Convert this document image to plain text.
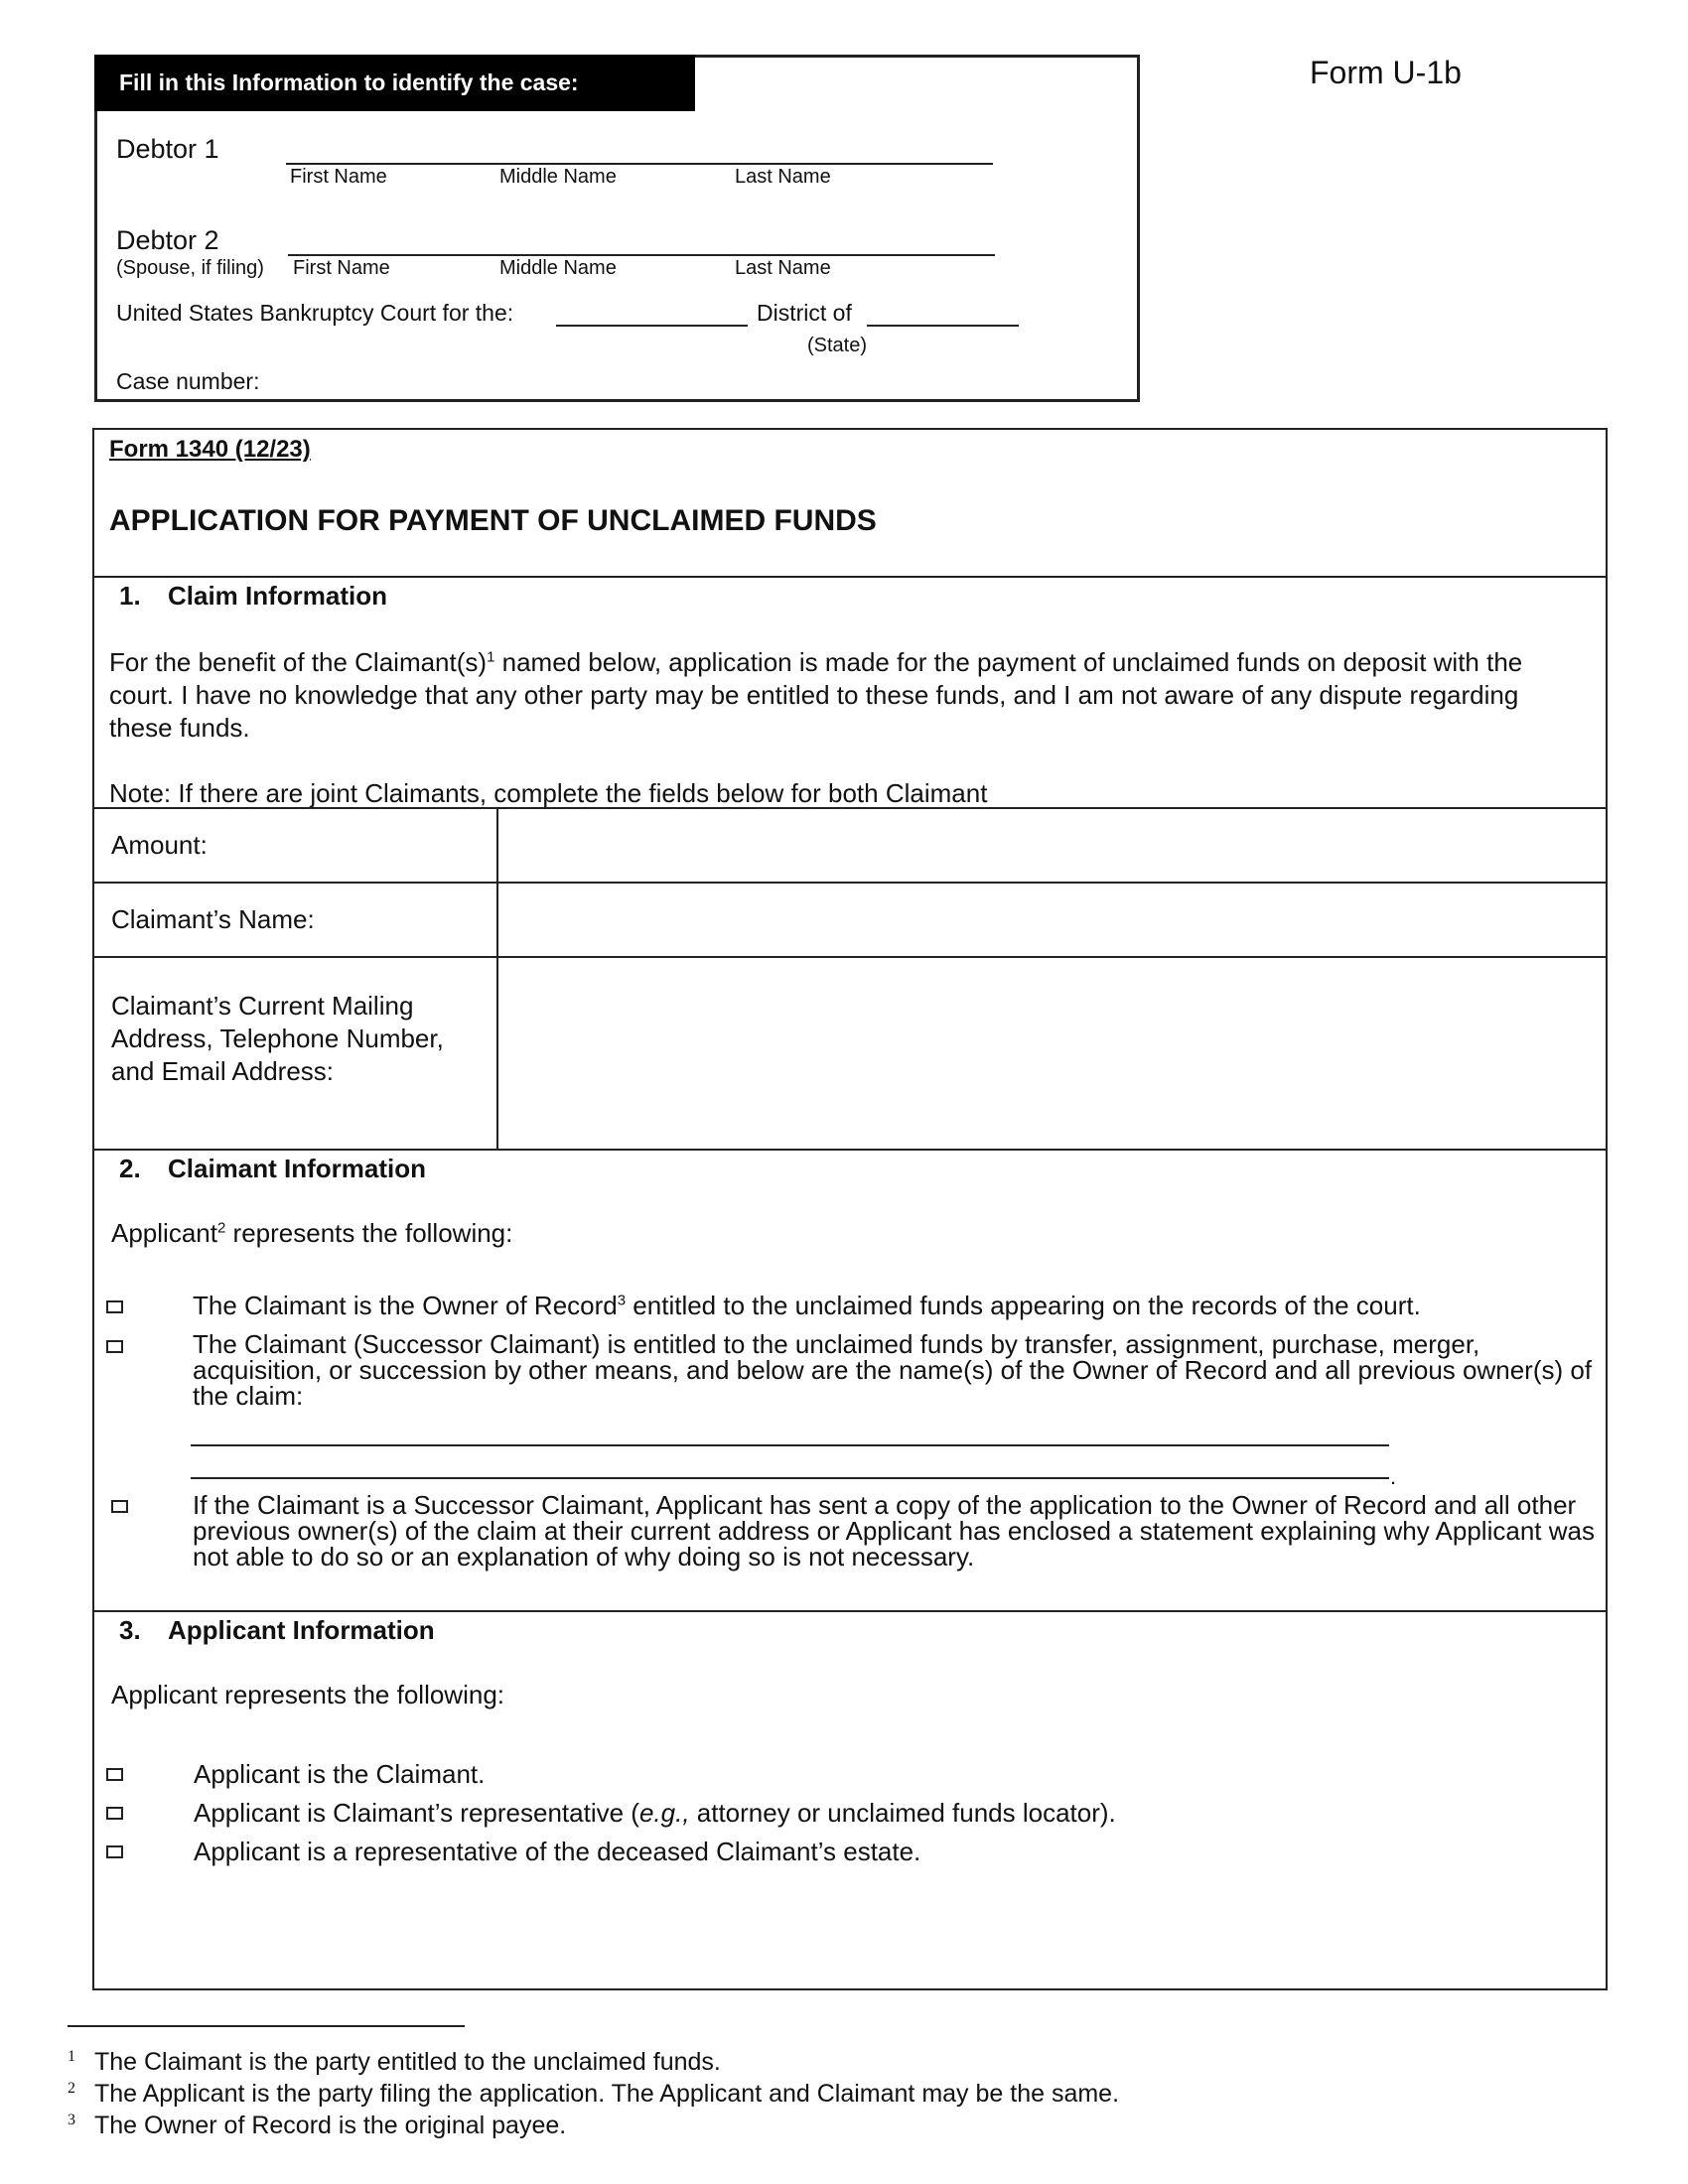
Form U-1b
Fill in this Information to identify the case:
Debtor 1
First Name	Middle Name	Last Name
Debtor 2
(Spouse, if filing) First Name	Middle Name	Last Name
United States Bankruptcy Court for the:	District of
(State)
Case number:
Form 1340 (12/23)
APPLICATION FOR PAYMENT OF UNCLAIMED FUNDS
1. Claim Information
For the benefit of the $Claimant(s)^1$ named below, application is made for the payment of unclaimed funds on deposit with the court. I have no knowledge that any other party may be entitled to these funds, and I am not aware of any dispute regarding these funds.
Note: If there are joint Claimants, complete the fields below for both Claimant
Amount:
Claimant’s Name:
Claimant’s Current Mailing Address, Telephone Number, and Email Address:
2. Claimant Information
Applicant$^2$ represents the following:
The Claimant is the Owner of Record$^3$ entitled to the unclaimed funds appearing on the records of the court.
The Claimant (Successor Claimant) is entitled to the unclaimed funds by transfer, assignment, purchase, merger, acquisition, or succession by other means, and below are the name(s) of the Owner of Record and all previous owner(s) of the claim:
.
If the Claimant is a Successor Claimant, Applicant has sent a copy of the application to the Owner of Record and all other previous owner(s) of the claim at their current address or Applicant has enclosed a statement explaining why Applicant was not able to do so or an explanation of why doing so is not necessary.
3. Applicant Information
Applicant represents the following:
Applicant is the Claimant.
Applicant is Claimant’s representative (e.g., attorney or unclaimed funds locator).
Applicant is a representative of the deceased Claimant’s estate.
$^1$ The Claimant is the party entitled to the unclaimed funds.
$^2$ The Applicant is the party filing the application. The Applicant and Claimant may be the same.
$^3$ The Owner of Record is the original payee.
